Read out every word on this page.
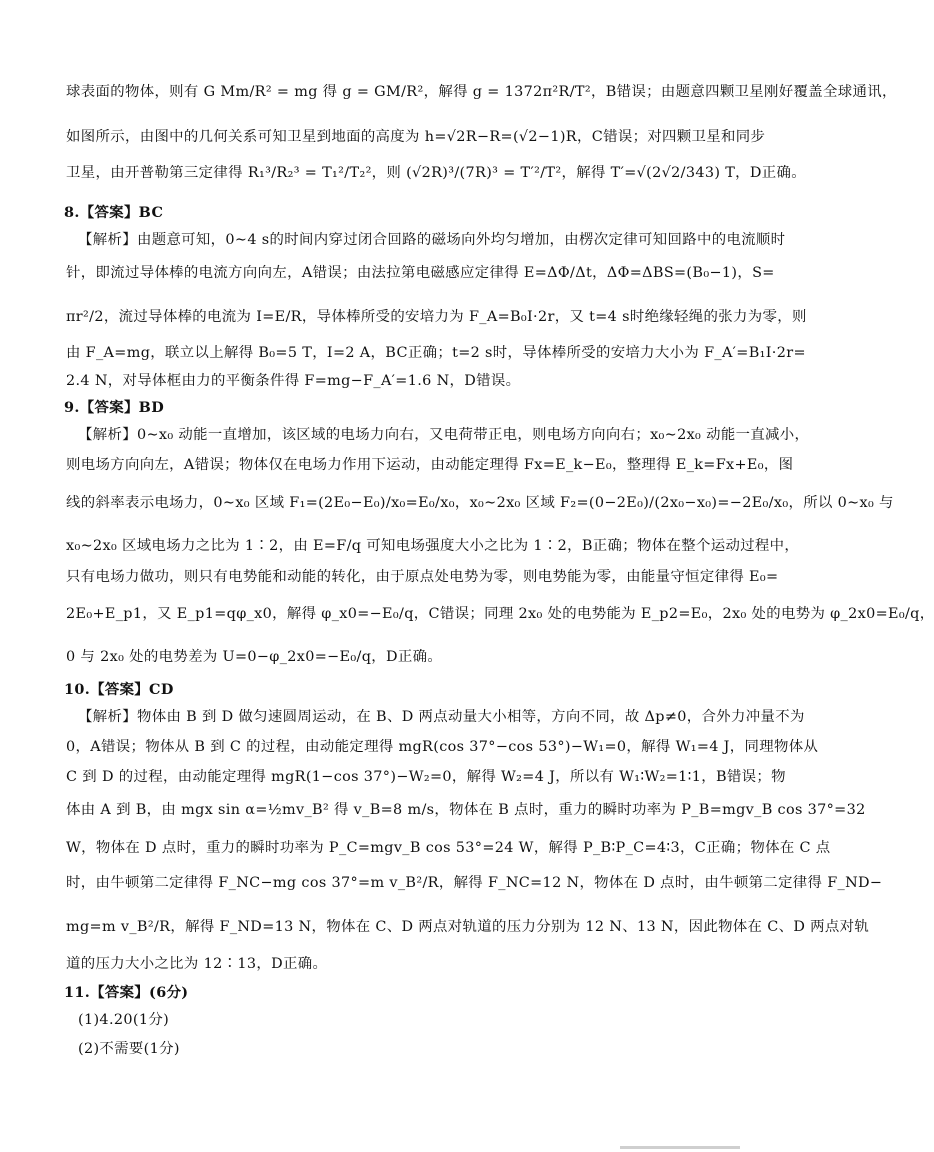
球表面的物体，则有 G Mm/R² = mg 得 g = GM/R²，解得 g = 1372π²R/T²，B错误；由题意四颗卫星刚好覆盖全球通讯，
如图所示，由图中的几何关系可知卫星到地面的高度为 h=√2R−R=(√2−1)R，C错误；对四颗卫星和同步
卫星，由开普勒第三定律得 R₁³/R₂³ = T₁²/T₂²，则 (√2R)³/(7R)³ = T′²/T²，解得 T′=√(2√2/343) T，D正确。
8.【答案】BC
【解析】由题意可知，0∼4 s的时间内穿过闭合回路的磁场向外均匀增加，由楞次定律可知回路中的电流顺时
针，即流过导体棒的电流方向向左，A错误；由法拉第电磁感应定律得 E=ΔΦ/Δt，ΔΦ=ΔBS=(B₀−1)，S=
πr²/2，流过导体棒的电流为 I=E/R，导体棒所受的安培力为 F_A=B₀I·2r，又 t=4 s时绝缘轻绳的张力为零，则
由 F_A=mg，联立以上解得 B₀=5 T，I=2 A，BC正确；t=2 s时，导体棒所受的安培力大小为 F_A′=B₁I·2r=
2.4 N，对导体框由力的平衡条件得 F=mg−F_A′=1.6 N，D错误。
9.【答案】BD
【解析】0∼x₀ 动能一直增加，该区域的电场力向右，又电荷带正电，则电场方向向右；x₀∼2x₀ 动能一直减小，
则电场方向向左，A错误；物体仅在电场力作用下运动，由动能定理得 Fx=E_k−E₀，整理得 E_k=Fx+E₀，图
线的斜率表示电场力，0∼x₀ 区域 F₁=(2E₀−E₀)/x₀=E₀/x₀，x₀∼2x₀ 区域 F₂=(0−2E₀)/(2x₀−x₀)=−2E₀/x₀，所以 0∼x₀ 与
x₀∼2x₀ 区域电场力之比为 1∶2，由 E=F/q 可知电场强度大小之比为 1∶2，B正确；物体在整个运动过程中，
只有电场力做功，则只有电势能和动能的转化，由于原点处电势为零，则电势能为零，由能量守恒定律得 E₀=
2E₀+E_p1，又 E_p1=qφ_x0，解得 φ_x0=−E₀/q，C错误；同理 2x₀ 处的电势能为 E_p2=E₀，2x₀ 处的电势为 φ_2x0=E₀/q，
0 与 2x₀ 处的电势差为 U=0−φ_2x0=−E₀/q，D正确。
10.【答案】CD
【解析】物体由 B 到 D 做匀速圆周运动，在 B、D 两点动量大小相等，方向不同，故 Δp≠0，合外力冲量不为
0，A错误；物体从 B 到 C 的过程，由动能定理得 mgR(cos 37°−cos 53°)−W₁=0，解得 W₁=4 J，同理物体从
C 到 D 的过程，由动能定理得 mgR(1−cos 37°)−W₂=0，解得 W₂=4 J，所以有 W₁∶W₂=1∶1，B错误；物
体由 A 到 B，由 mgx sin α=½mv_B² 得 v_B=8 m/s，物体在 B 点时，重力的瞬时功率为 P_B=mgv_B cos 37°=32
W，物体在 D 点时，重力的瞬时功率为 P_C=mgv_B cos 53°=24 W，解得 P_B∶P_C=4∶3，C正确；物体在 C 点
时，由牛顿第二定律得 F_NC−mg cos 37°=m v_B²/R，解得 F_NC=12 N，物体在 D 点时，由牛顿第二定律得 F_ND−
mg=m v_B²/R，解得 F_ND=13 N，物体在 C、D 两点对轨道的压力分别为 12 N、13 N，因此物体在 C、D 两点对轨
道的压力大小之比为 12∶13，D正确。
11.【答案】(6分)
(1)4.20(1分)
(2)不需要(1分)
